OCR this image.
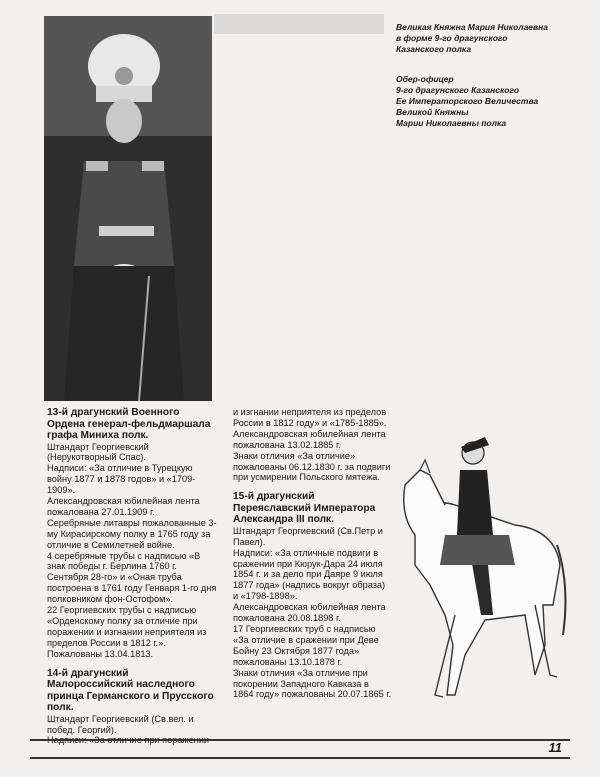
Великая Княжна Мария Николаевна
в форме 9-го драгунского
Казанского полка
Обер-офицер
9-го драгунского Казанского
Ее Императорского Величества
Великой Княжны
Марии Николаевны полка

13-й драгунский Военного Ордена генерал-фельдмаршала графа Миниха полк.

Штандарт Георгиевский (Нерукотворный Спас).

Надписи: «За отличие в Турецкую войну 1877 и 1878 годов» и «1709-1909».

Александровская юбилейная лента пожалована 27.01.1909 г.

Серебряные литавры пожалованные 3-му Кирасирскому полку в 1765 году за отличие в Семилетней войне.

4 серебряные трубы с надписью «В знак победы г. Берлина 1760 г. Сентября 28-го» и «Оная труба построена в 1761 году Генваря 1-го дня полковником фон-Остофом».

22 Георгиевских трубы с надписью «Орденскому полку за отличие при поражении и изгнании неприятеля из пределов России в 1812 г.».

Пожалованы 13.04.1813.

14-й драгунский Малороссийский наследного принца Германского и Прусского полк.

Штандарт Георгиевский (Св.вел. и побед. Георгий).

и изгнании неприятеля из пределов России в 1812 году» и «1785-1885».

Александровская юбилейная лента пожалована 13.02.1885 г.

Знаки отличия «За отличие» пожалованы 06.12.1830 г. за подвиги при усмирении Польского мятежа.

15-й драгунский Переяславский Императора Александра III полк.

Штандарт Георгиевский (Св.Петр и Павел).

Надписи: «За отличные подвиги в сражении при Кюрук-Дара 24 июля 1854 г. и за дело при Даяре 9 июля 1877 года» (надпись вокруг образа) и «1798-1898».

Александровская юбилейная лента пожалована 20.08.1898 г.

17 Георгиевских труб с надписью «За отличие в сражении при Деве Бойну 23 Октября 1877 года» пожалованы 13.10.1878 г.

Знаки отличия «За отличие при покорении Западного Кавказа в 1864 году» пожалованы 20.07.1865 г.

11
